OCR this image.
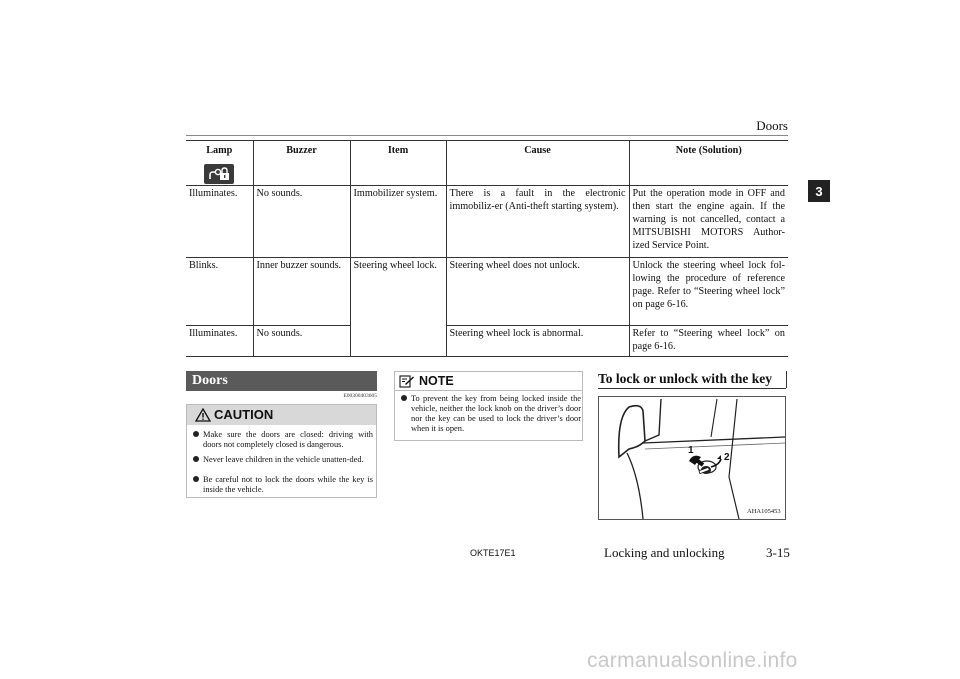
Doors
3
Lamp	Buzzer	Item	Cause	Note (Solution)
Illuminates.	No sounds.	Immobilizer system.	There is a fault in the electronic immobiliz-er (Anti-theft starting system).	Put the operation mode in OFF and then start the engine again. If the warning is not cancelled, contact a MITSUBISHI MOTORS Author-ized Service Point.
Blinks.	Inner buzzer sounds.	Steering wheel lock.	Steering wheel does not unlock.	Unlock the steering wheel lock fol-lowing the procedure of reference page. Refer to “Steering wheel lock” on page 6-16.
Illuminates.	No sounds.		Steering wheel lock is abnormal.	Refer to “Steering wheel lock” on page 6-16.
Doors
E00300403605
CAUTION
Make sure the doors are closed: driving with doors not completely closed is dangerous.
Never leave children in the vehicle unatten-ded.
Be careful not to lock the doors while the key is inside the vehicle.
NOTE
To prevent the key from being locked inside the vehicle, neither the lock knob on the driver’s door nor the key can be used to lock the driver’s door when it is open.
To lock or unlock with the key
1
2
AHA105453
OKTE17E1	Locking and unlocking	3-15
carmanualsonline.info
